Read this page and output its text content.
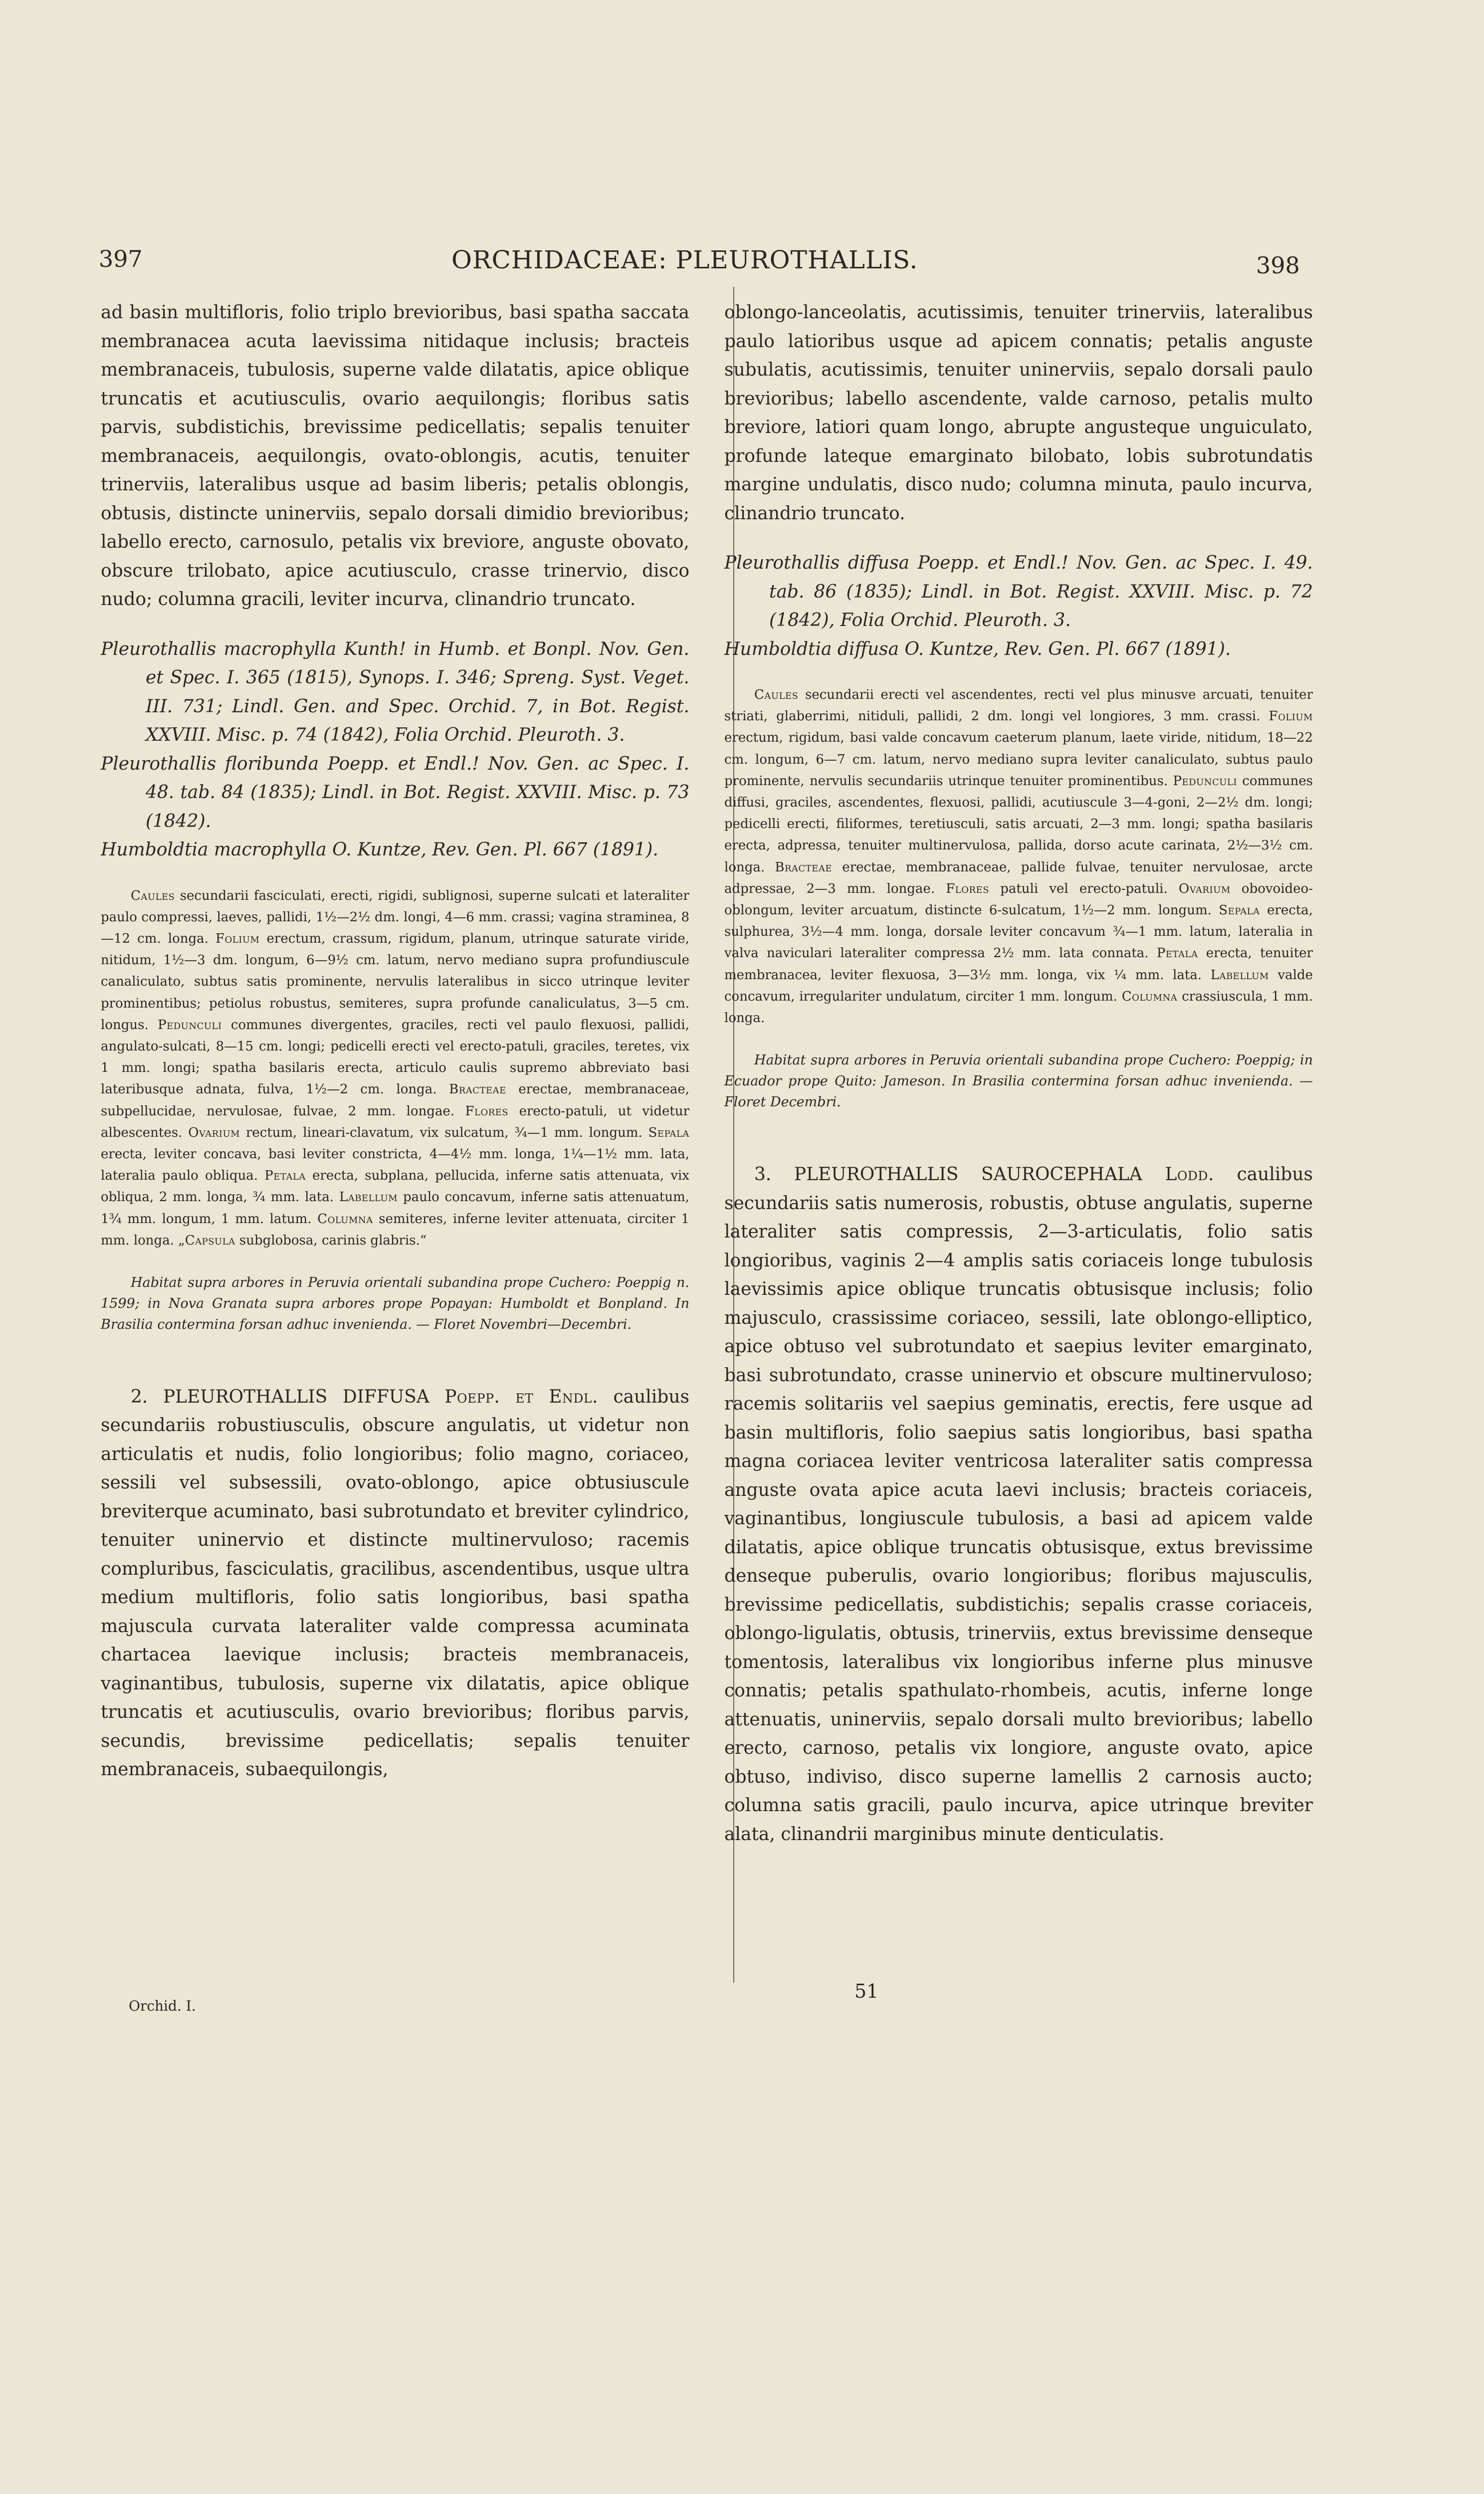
397	ORCHIDACEAE: PLEUROTHALLIS.	398

ad basin multifloris, folio triplo brevioribus, basi spatha saccata membranacea acuta laevissima nitidaque inclusis; bracteis membranaceis, tubulosis, superne valde dilatatis, apice oblique truncatis et acutiusculis, ovario aequilongis; floribus satis parvis, subdistichis, brevissime pedicellatis; sepalis tenuiter membranaceis, aequilongis, ovato-oblongis, acutis, tenuiter trinerviis, lateralibus usque ad basim liberis; petalis oblongis, obtusis, distincte uninerviis, sepalo dorsali dimidio brevioribus; labello erecto, carnosulo, petalis vix breviore, anguste obovato, obscure trilobato, apice acutiusculo, crasse trinervio, disco nudo; columna gracili, leviter incurva, clinandrio truncato.

Pleurothallis macrophylla Kunth! in Humb. et Bonpl. Nov. Gen. et Spec. I. 365 (1815), Synops. I. 346; Spreng. Syst. Veget. III. 731; Lindl. Gen. and Spec. Orchid. 7, in Bot. Regist. XXVIII. Misc. p. 74 (1842), Folia Orchid. Pleuroth. 3.
Pleurothallis floribunda Poepp. et Endl.! Nov. Gen. ac Spec. I. 48. tab. 84 (1835); Lindl. in Bot. Regist. XXVIII. Misc. p. 73 (1842).
Humboldtia macrophylla O. Kuntze, Rev. Gen. Pl. 667 (1891).

Caules secundarii fasciculati, erecti, rigidi, sublignosi, superne sulcati et lateraliter paulo compressi, laeves, pallidi, 1½—2½ dm. longi, 4—6 mm. crassi; vagina straminea, 8—12 cm. longa. Folium erectum, crassum, rigidum, planum, utrinque saturate viride, nitidum, 1½—3 dm. longum, 6—9½ cm. latum, nervo mediano supra profundiuscule canaliculato, subtus satis prominente, nervulis lateralibus in sicco utrinque leviter prominentibus; petiolus robustus, semiteres, supra profunde canaliculatus, 3—5 cm. longus. Pedunculi communes divergentes, graciles, recti vel paulo flexuosi, pallidi, angulato-sulcati, 8—15 cm. longi; pedicelli erecti vel erecto-patuli, graciles, teretes, vix 1 mm. longi; spatha basilaris erecta, articulo caulis supremo abbreviato basi lateribusque adnata, fulva, 1½—2 cm. longa. Bracteae erectae, membranaceae, subpellucidae, nervulosae, fulvae, 2 mm. longae. Flores erecto-patuli, ut videtur albescentes. Ovarium rectum, lineari-clavatum, vix sulcatum, ¾—1 mm. longum. Sepala erecta, leviter concava, basi leviter constricta, 4—4½ mm. longa, 1¼—1½ mm. lata, lateralia paulo obliqua. Petala erecta, subplana, pellucida, inferne satis attenuata, vix obliqua, 2 mm. longa, ¾ mm. lata. Labellum paulo concavum, inferne satis attenuatum, 1¾ mm. longum, 1 mm. latum. Columna semiteres, inferne leviter attenuata, circiter 1 mm. longa. „Capsula subglobosa, carinis glabris.“

Habitat supra arbores in Peruvia orientali subandina prope Cuchero: Poeppig n. 1599; in Nova Granata supra arbores prope Popayan: Humboldt et Bonpland. In Brasilia contermina forsan adhuc invenienda. — Floret Novembri—Decembri.

2. PLEUROTHALLIS DIFFUSA Poepp. et Endl. caulibus secundariis robustiusculis, obscure angulatis, ut videtur non articulatis et nudis, folio longioribus; folio magno, coriaceo, sessili vel subsessili, ovato-oblongo, apice obtusiuscule breviterque acuminato, basi subrotundato et breviter cylindrico, tenuiter uninervio et distincte multinervuloso; racemis compluribus, fasciculatis, gracilibus, ascendentibus, usque ultra medium multifloris, folio satis longioribus, basi spatha majuscula curvata lateraliter valde compressa acuminata chartacea laevique inclusis; bracteis membranaceis, vaginantibus, tubulosis, superne vix dilatatis, apice oblique truncatis et acutiusculis, ovario brevioribus; floribus parvis, secundis, brevissime pedicellatis; sepalis tenuiter membranaceis, subaequilongis,

oblongo-lanceolatis, acutissimis, tenuiter trinerviis, lateralibus paulo latioribus usque ad apicem connatis; petalis anguste subulatis, acutissimis, tenuiter uninerviis, sepalo dorsali paulo brevioribus; labello ascendente, valde carnoso, petalis multo breviore, latiori quam longo, abrupte angusteque unguiculato, profunde lateque emarginato bilobato, lobis subrotundatis margine undulatis, disco nudo; columna minuta, paulo incurva, clinandrio truncato.

Pleurothallis diffusa Poepp. et Endl.! Nov. Gen. ac Spec. I. 49. tab. 86 (1835); Lindl. in Bot. Regist. XXVIII. Misc. p. 72 (1842), Folia Orchid. Pleuroth. 3.
Humboldtia diffusa O. Kuntze, Rev. Gen. Pl. 667 (1891).

Caules secundarii erecti vel ascendentes, recti vel plus minusve arcuati, tenuiter striati, glaberrimi, nitiduli, pallidi, 2 dm. longi vel longiores, 3 mm. crassi. Folium erectum, rigidum, basi valde concavum caeterum planum, laete viride, nitidum, 18—22 cm. longum, 6—7 cm. latum, nervo mediano supra leviter canaliculato, subtus paulo prominente, nervulis secundariis utrinque tenuiter prominentibus. Pedunculi communes diffusi, graciles, ascendentes, flexuosi, pallidi, acutiuscule 3—4-goni, 2—2½ dm. longi; pedicelli erecti, filiformes, teretiusculi, satis arcuati, 2—3 mm. longi; spatha basilaris erecta, adpressa, tenuiter multinervulosa, pallida, dorso acute carinata, 2½—3½ cm. longa. Bracteae erectae, membranaceae, pallide fulvae, tenuiter nervulosae, arcte adpressae, 2—3 mm. longae. Flores patuli vel erecto-patuli. Ovarium obovoideo-oblongum, leviter arcuatum, distincte 6-sulcatum, 1½—2 mm. longum. Sepala erecta, sulphurea, 3½—4 mm. longa, dorsale leviter concavum ¾—1 mm. latum, lateralia in valva naviculari lateraliter compressa 2½ mm. lata connata. Petala erecta, tenuiter membranacea, leviter flexuosa, 3—3½ mm. longa, vix ¼ mm. lata. Labellum valde concavum, irregulariter undulatum, circiter 1 mm. longum. Columna crassiuscula, 1 mm. longa.

Habitat supra arbores in Peruvia orientali subandina prope Cuchero: Poeppig; in Ecuador prope Quito: Jameson. In Brasilia contermina forsan adhuc invenienda. — Floret Decembri.

3. PLEUROTHALLIS SAUROCEPHALA Lodd. caulibus secundariis satis numerosis, robustis, obtuse angulatis, superne lateraliter satis compressis, 2—3-articulatis, folio satis longioribus, vaginis 2—4 amplis satis coriaceis longe tubulosis laevissimis apice oblique truncatis obtusisque inclusis; folio majusculo, crassissime coriaceo, sessili, late oblongo-elliptico, apice obtuso vel subrotundato et saepius leviter emarginato, basi subrotundato, crasse uninervio et obscure multinervuloso; racemis solitariis vel saepius geminatis, erectis, fere usque ad basin multifloris, folio saepius satis longioribus, basi spatha magna coriacea leviter ventricosa lateraliter satis compressa anguste ovata apice acuta laevi inclusis; bracteis coriaceis, vaginantibus, longiuscule tubulosis, a basi ad apicem valde dilatatis, apice oblique truncatis obtusisque, extus brevissime denseque puberulis, ovario longioribus; floribus majusculis, brevissime pedicellatis, subdistichis; sepalis crasse coriaceis, oblongo-ligulatis, obtusis, trinerviis, extus brevissime denseque tomentosis, lateralibus vix longioribus inferne plus minusve connatis; petalis spathulato-rhombeis, acutis, inferne longe attenuatis, uninerviis, sepalo dorsali multo brevioribus; labello erecto, carnoso, petalis vix longiore, anguste ovato, apice obtuso, indiviso, disco superne lamellis 2 carnosis aucto; columna satis gracili, paulo incurva, apice utrinque breviter alata, clinandrii marginibus minute denticulatis.

Orchid. I.
51
